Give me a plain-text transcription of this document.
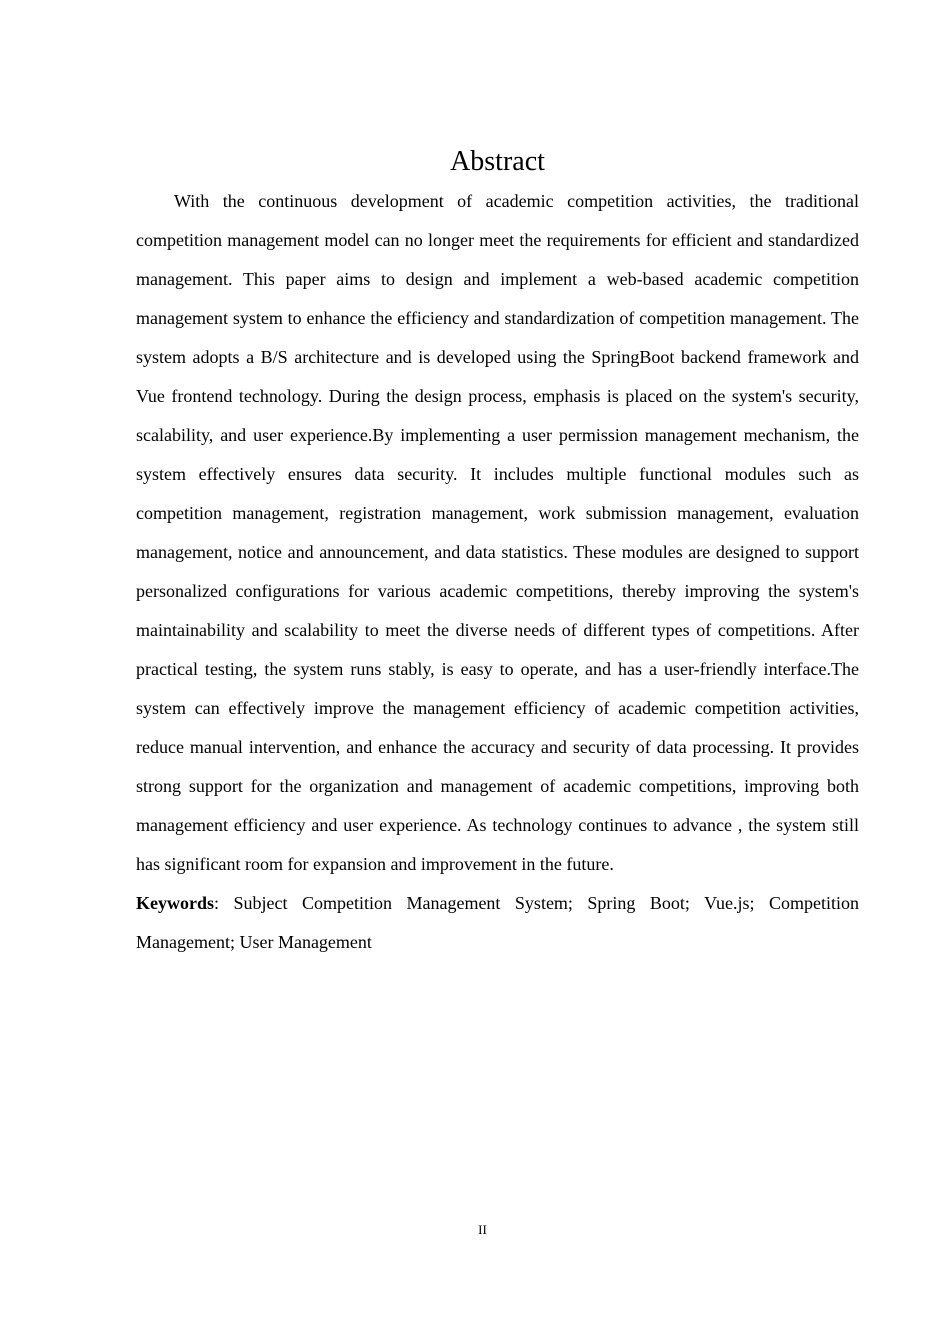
Abstract

With the continuous development of academic competition activities, the traditional competition management model can no longer meet the requirements for efficient and standardized management. This paper aims to design and implement a web-based academic competition management system to enhance the efficiency and standardization of competition management. The system adopts a B/S architecture and is developed using the SpringBoot backend framework and Vue frontend technology. During the design process, emphasis is placed on the system's security, scalability, and user experience.By implementing a user permission management mechanism, the system effectively ensures data security. It includes multiple functional modules such as competition management, registration management, work submission management, evaluation management, notice and announcement, and data statistics. These modules are designed to support personalized configurations for various academic competitions, thereby improving the system's maintainability and scalability to meet the diverse needs of different types of competitions. After practical testing, the system runs stably, is easy to operate, and has a user-friendly interface.The system can effectively improve the management efficiency of academic competition activities, reduce manual intervention, and enhance the accuracy and security of data processing. It provides strong support for the organization and management of academic competitions, improving both management efficiency and user experience. As technology continues to advance , the system still has significant room for expansion and improvement in the future.

Keywords: Subject Competition Management System; Spring Boot; Vue.js; Competition Management; User Management

II
